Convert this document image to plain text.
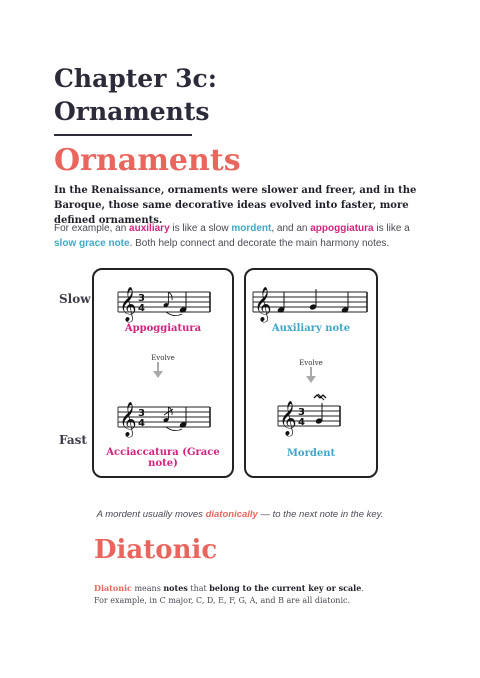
Chapter 3c:
Ornaments
Ornaments

In the Renaissance, ornaments were slower and freer, and in the Baroque, those same decorative ideas evolved into faster, more defined ornaments.

For example, an auxiliary is like a slow mordent, and an appoggiatura is like a slow grace note. Both help connect and decorate the main harmony notes.

Slow
Fast
𝄞 3
4
Appoggiatura
Evolve
𝄞 3
4
Acciaccatura (Grace note)
𝄞
Auxiliary note
Evolve
𝄞 3
4
Mordent

A mordent usually moves diatonically — to the next note in the key.

Diatonic

Diatonic means notes that belong to the current key or scale.
For example, in C major, C, D, E, F, G, A, and B are all diatonic.
